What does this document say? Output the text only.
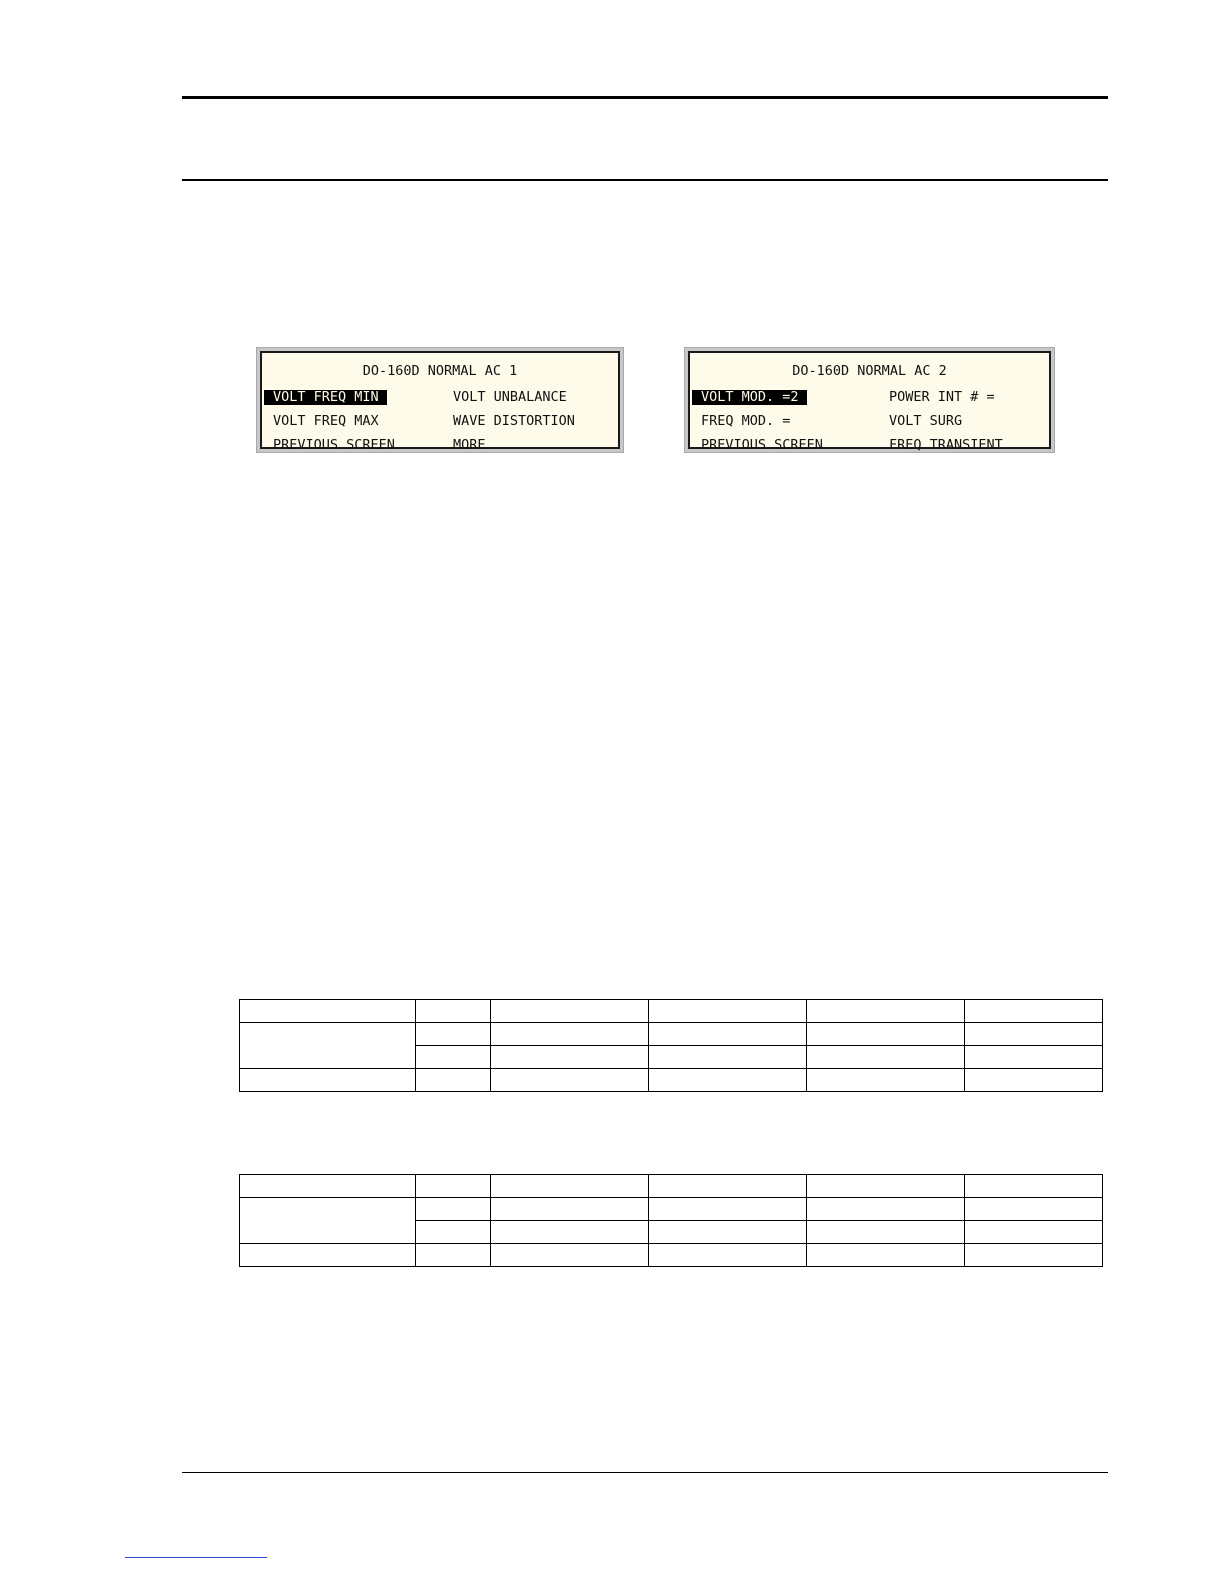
DO-160D NORMAL AC 1
VOLT FREQ MIN
VOLT FREQ MAX
PREVIOUS SCREEN
VOLT UNBALANCE
WAVE DISTORTION
MORE
DO-160D NORMAL AC 2
VOLT MOD. =2
FREQ MOD. =
PREVIOUS SCREEN
POWER INT # =
VOLT SURG
FREQ TRANSIENT
